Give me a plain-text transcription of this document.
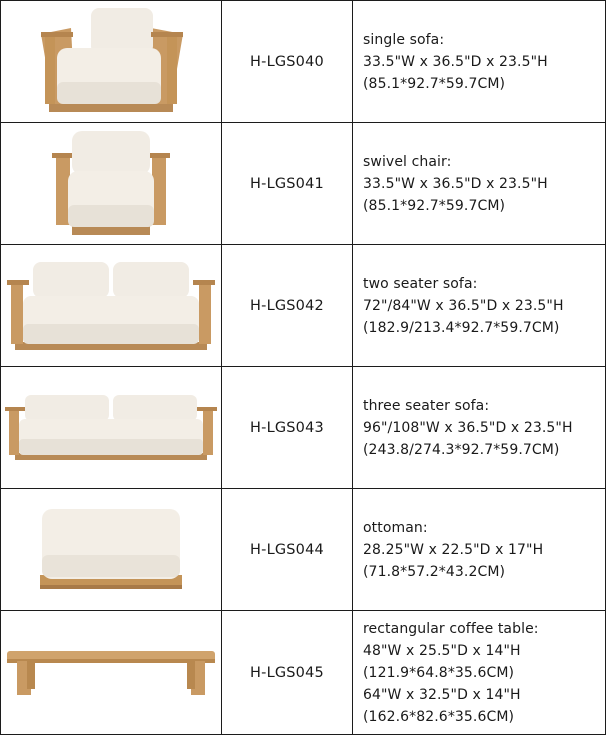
	H-LGS040	single sofa:
33.5"W x 36.5"D x 23.5"H
(85.1*92.7*59.7CM)

	H-LGS041	swivel chair:
33.5"W x 36.5"D x 23.5"H
(85.1*92.7*59.7CM)

	H-LGS042	two seater sofa:
72"/84"W x 36.5"D x 23.5"H
(182.9/213.4*92.7*59.7CM)

	H-LGS043	three seater sofa:
96"/108"W x 36.5"D x 23.5"H
(243.8/274.3*92.7*59.7CM)

	H-LGS044	ottoman:
28.25"W x 22.5"D x 17"H
(71.8*57.2*43.2CM)

	H-LGS045	rectangular coffee table:
48"W x 25.5"D x 14"H
(121.9*64.8*35.6CM)
64"W x 32.5"D x 14"H
(162.6*82.6*35.6CM)
